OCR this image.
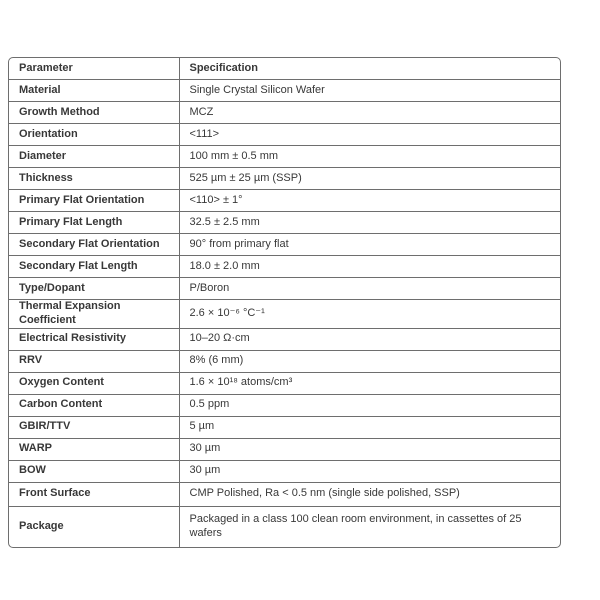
Parameter	Specification
Material	Single Crystal Silicon Wafer
Growth Method	MCZ
Orientation	<111>
Diameter	100 mm ± 0.5 mm
Thickness	525 µm ± 25 µm (SSP)
Primary Flat Orientation	<110> ± 1°
Primary Flat Length	32.5 ± 2.5 mm
Secondary Flat Orientation	90° from primary flat
Secondary Flat Length	18.0 ± 2.0 mm
Type/Dopant	P/Boron
Thermal Expansion Coefficient	2.6 × 10⁻⁶ °C⁻¹
Electrical Resistivity	10–20 Ω·cm
RRV	8% (6 mm)
Oxygen Content	1.6 × 10¹⁸ atoms/cm³
Carbon Content	0.5 ppm
GBIR/TTV	5 µm
WARP	30 µm
BOW	30 µm
Front Surface	CMP Polished, Ra < 0.5 nm (single side polished, SSP)
Package	Packaged in a class 100 clean room environment, in cassettes of 25 wafers
